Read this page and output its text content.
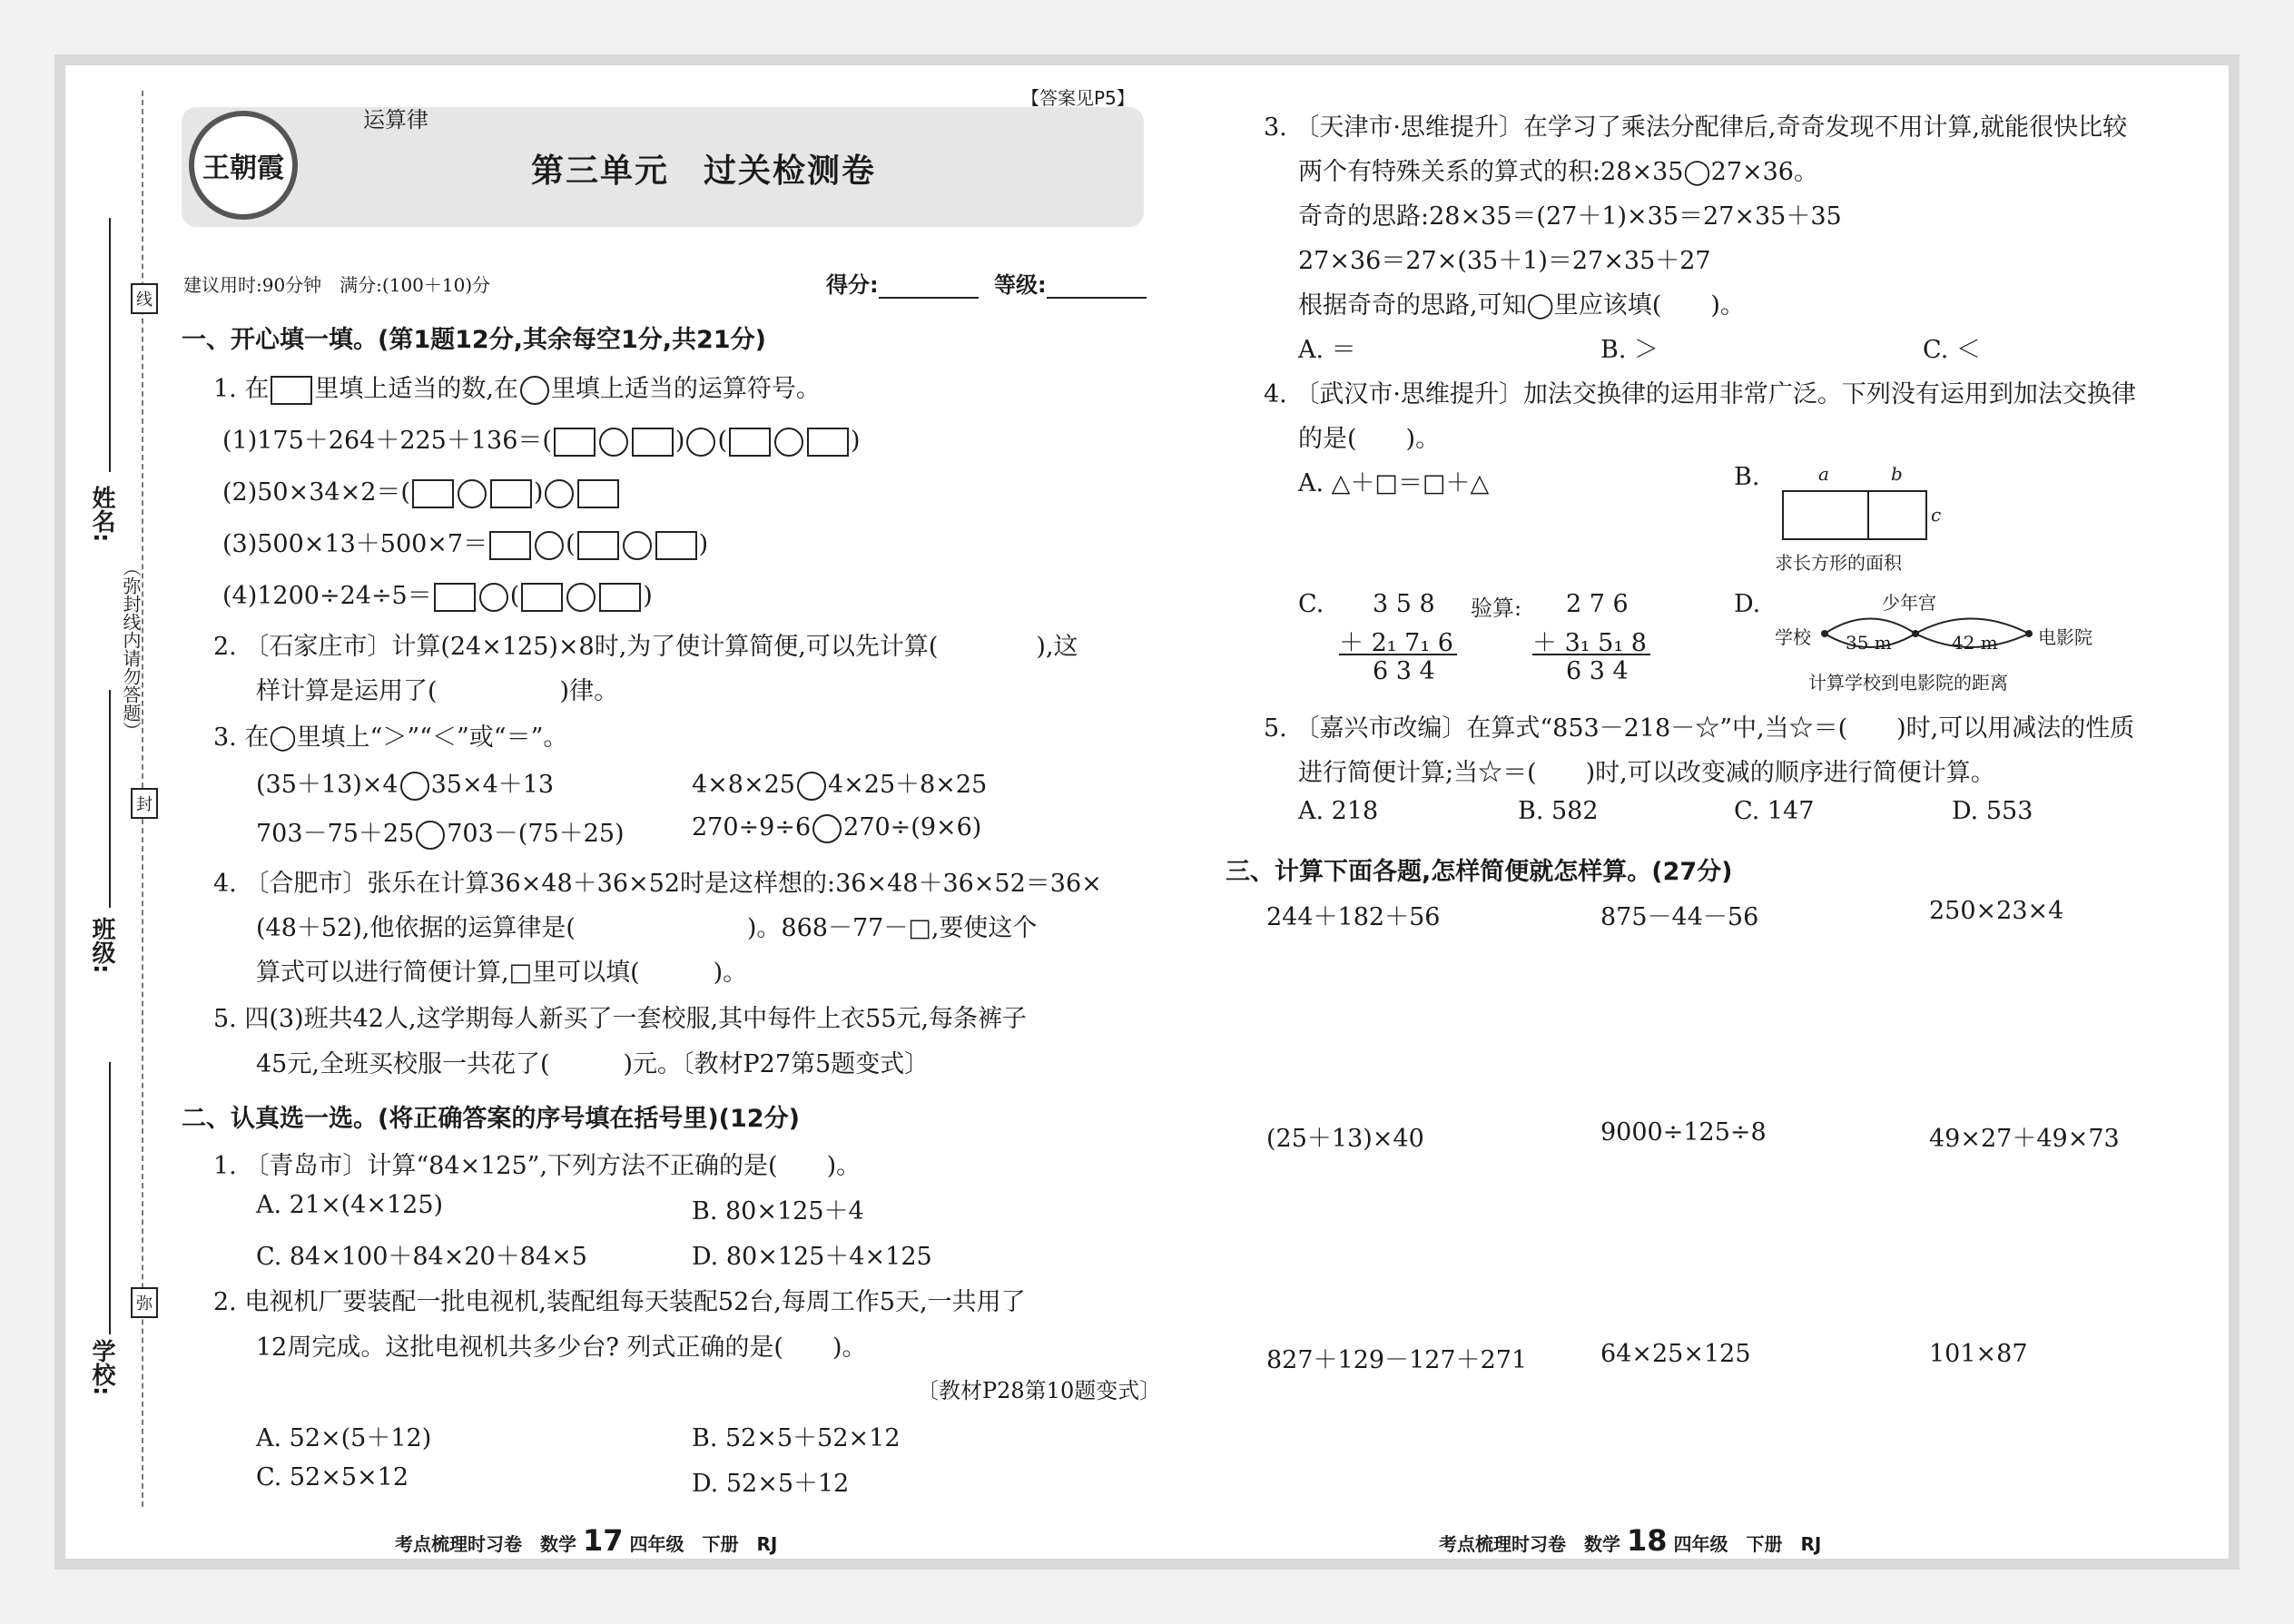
线
封
弥
（弥封线内请勿答题）
姓名:
班级:
学校:
王朝霞
运算律
【答案见P5】
第三单元　过关检测卷
建议用时:90分钟　满分:(100＋10)分	得分:	等级:
一、开心填一填。(第1题12分,其余每空1分,共21分)
1. 在 里填上适当的数,在 里填上适当的运算符号。
(1)175＋264＋225＋136＝(	) (	)
(2)50×34×2＝(	)
(3)500×13＋500×7＝	(	)
(4)1200÷24÷5＝	(	)
2. 〔石家庄市〕计算(24×125)×8时,为了使计算简便,可以先计算(　　　　),这
样计算是运用了(　　　　　)律。
3. 在◯里填上“＞”“＜”或“＝”。
(35＋13)×4 35×4＋13	4×8×25 4×25＋8×25
703－75＋25 703－(75＋25)	270÷9÷6 270÷(9×6)
4. 〔合肥市〕张乐在计算36×48＋36×52时是这样想的:36×48＋36×52＝36×
(48＋52),他依据的运算律是(　　　　　　　)。868－77－□,要使这个
算式可以进行简便计算,□里可以填(　　　)。
5. 四(3)班共42人,这学期每人新买了一套校服,其中每件上衣55元,每条裤子
45元,全班买校服一共花了(　　　)元。〔教材P27第5题变式〕
二、认真选一选。(将正确答案的序号填在括号里)(12分)
1. 〔青岛市〕计算“84×125”,下列方法不正确的是(　　)。
A. 21×(4×125)	B. 80×125＋4
C. 84×100＋84×20＋84×5	D. 80×125＋4×125
2. 电视机厂要装配一批电视机,装配组每天装配52台,每周工作5天,一共用了
12周完成。这批电视机共多少台? 列式正确的是(　　)。
〔教材P28第10题变式〕
A. 52×(5＋12)	B. 52×5＋52×12
C. 52×5×12	D. 52×5＋12
考点梳理时习卷　数学 17 四年级　下册　RJ	考点梳理时习卷　数学 18 四年级　下册　RJ
3. 〔天津市·思维提升〕在学习了乘法分配律后,奇奇发现不用计算,就能很快比较
两个有特殊关系的算式的积:28×35◯27×36。
奇奇的思路:28×35＝(27＋1)×35＝27×35＋35
27×36＝27×(35＋1)＝27×35＋27
根据奇奇的思路,可知◯里应该填(　　)。
A. ＝	B. ＞	C. ＜
4. 〔武汉市·思维提升〕加法交换律的运用非常广泛。下列没有运用到加法交换律
的是(　　)。
A. △＋□＝□＋△	B.	a	b
c
求长方形的面积
C. 3 5 8
＋ 2₁ 7₁ 6
6 3 4
验算: 2 7 6
＋ 3₁ 5₁ 8
6 3 4
D.	少年宫
学校	电影院
35 m	42 m
计算学校到电影院的距离
5. 〔嘉兴市改编〕在算式“853－218－☆”中,当☆＝(　　)时,可以用减法的性质
进行简便计算;当☆＝(　　)时,可以改变减的顺序进行简便计算。
A. 218	B. 582	C. 147	D. 553
三、计算下面各题,怎样简便就怎样算。(27分)
244＋182＋56	875－44－56	250×23×4
(25＋13)×40	9000÷125÷8	49×27＋49×73
827＋129－127＋271	64×25×125	101×87
